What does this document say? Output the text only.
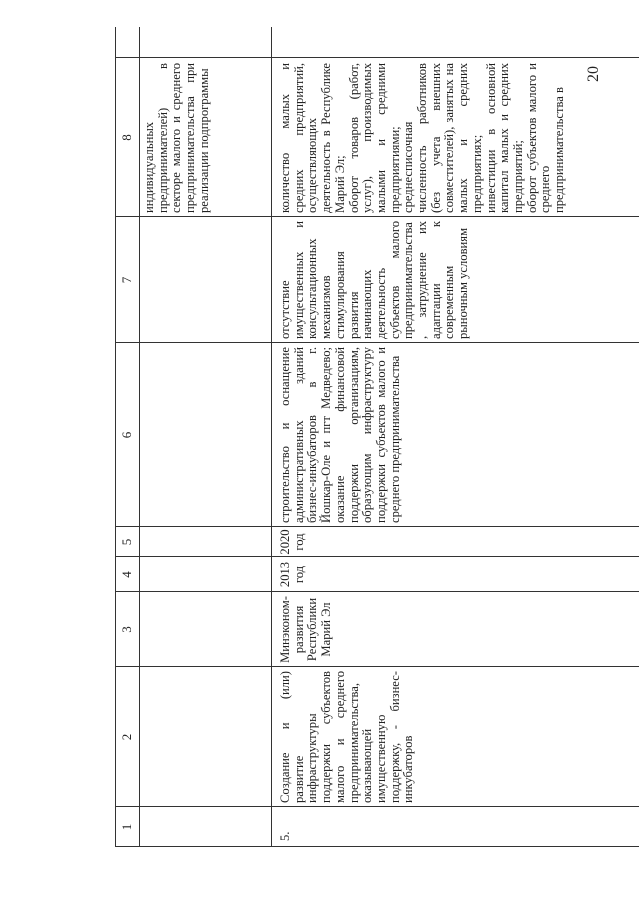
20
1
2
3
4
5
6
7
8 индивидуальных предпринимателей) в секторе малого и среднего предпринимательства при реализации подпрограммы
5.
Создание и (или) развитие инфраструктуры поддержки субъектов малого и среднего предпринимательства, оказывающей имущественную поддержку, - бизнес-инкубаторов
Минэконом-развития Республики Марий Эл
2013 год
2020 год
строительство и оснащение административных зданий бизнес-инкубаторов в г. Йошкар-Оле и пгт Медведево; оказание финансовой поддержки организациям, образующим инфраструктуру поддержки субъектов малого и среднего предпринимательства
отсутствие имущественных и консультационных механизмов стимулирования развития начинающих деятельность субъектов малого предпринимательства, затруднение их адаптации к современным рыночным условиям

количество малых и средних предприятий, осуществляющих деятельность в Республике Марий Эл; оборот товаров (работ, услуг), производимых малыми и средними предприятиями; среднесписочная численность работников (без учета внешних совместителей), занятых на малых и средних предприятиях; инвестиции в основной капитал малых и средних предприятий; оборот субъектов малого и среднего предпринимательства в
